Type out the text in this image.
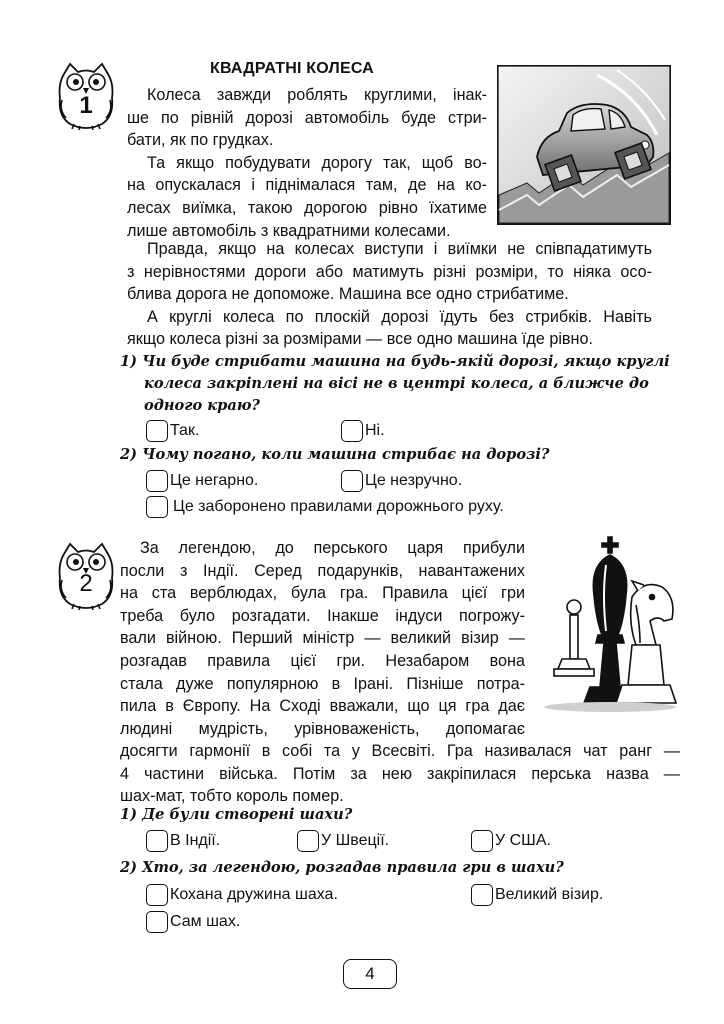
1
КВАДРАТНІ КОЛЕСА

Колеса завжди роблять круглими, інак-

ше по рівній дорозі автомобіль буде стри-

бати, як по грудках.

Та якщо побудувати дорогу так, щоб во-

на опускалася і піднімалася там, де на ко-

лесах виїмка, такою дорогою рівно їхатиме

лише автомобіль з квадратними колесами.

Правда, якщо на колесах виступи і виїмки не співпадатимуть

з нерівностями дороги або матимуть різні розміри, то ніяка осо-

блива дорога не допоможе. Машина все одно стрибатиме.

А круглі колеса по плоскій дорозі їдуть без стрибків. Навіть

якщо колеса різні за розмірами — все одно машина їде рівно.

1) Чи буде стрибати машина на будь-якій дорозі, якщо круглі

колеса закріплені на вісі не в центрі колеса, а ближче до

одного краю?

Так.	Ні.
2) Чому погано, коли машина стрибає на дорозі?
Це негарно.	Це незручно.
Це заборонено правилами дорожнього руху.
2

За легендою, до перського царя прибули

посли з Індії. Серед подарунків, навантажених

на ста верблюдах, була гра. Правила цієї гри

треба було розгадати. Інакше індуси погрожу-

вали війною. Перший міністр — великий візир —

розгадав правила цієї гри. Незабаром вона

стала дуже популярною в Ірані. Пізніше потра-

пила в Європу. На Сході вважали, що ця гра дає

людині мудрість, урівноваженість, допомагає

досягти гармонії в собі та у Всесвіті. Гра називалася чат ранг —

4 частини війська. Потім за нею закріпилася перська назва —

шах-мат, тобто король помер.

1) Де були створені шахи?
В Індії.	У Швеції.	У США.
2) Хто, за легендою, розгадав правила гри в шахи?
Кохана дружина шаха.	Великий візир.
Сам шах.
4
